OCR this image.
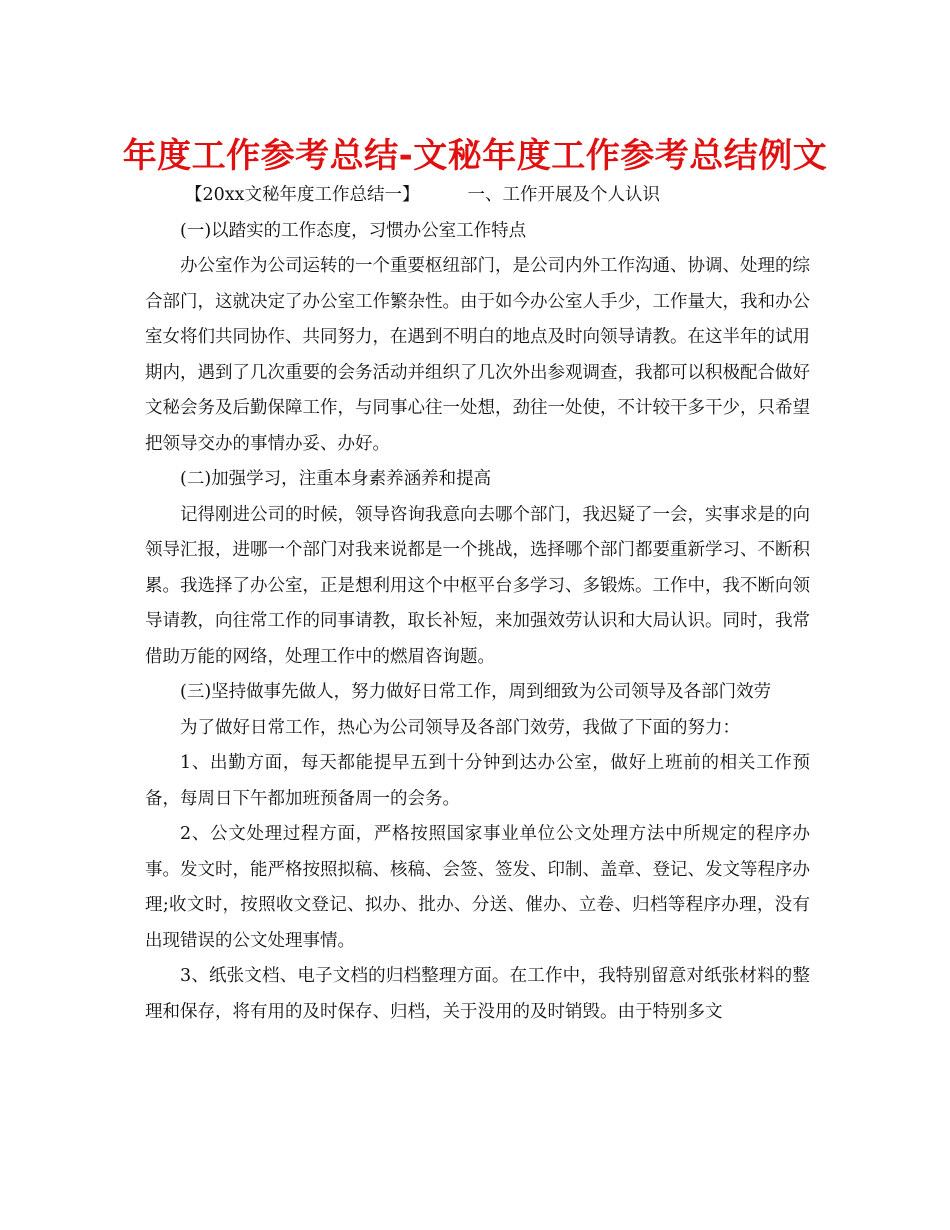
年度工作参考总结-文秘年度工作参考总结例文
【20xx文秘年度工作总结一】	一、工作开展及个人认识

(一)以踏实的工作态度，习惯办公室工作特点

办公室作为公司运转的一个重要枢纽部门，是公司内外工作沟通、协调、处理的综合部门，这就决定了办公室工作繁杂性。由于如今办公室人手少，工作量大，我和办公室女将们共同协作、共同努力，在遇到不明白的地点及时向领导请教。在这半年的试用期内，遇到了几次重要的会务活动并组织了几次外出参观调查，我都可以积极配合做好文秘会务及后勤保障工作，与同事心往一处想，劲往一处使，不计较干多干少，只希望把领导交办的事情办妥、办好。

(二)加强学习，注重本身素养涵养和提高

记得刚进公司的时候，领导咨询我意向去哪个部门，我迟疑了一会，实事求是的向领导汇报，进哪一个部门对我来说都是一个挑战，选择哪个部门都要重新学习、不断积累。我选择了办公室，正是想利用这个中枢平台多学习、多锻炼。工作中，我不断向领导请教，向往常工作的同事请教，取长补短，来加强效劳认识和大局认识。同时，我常借助万能的网络，处理工作中的燃眉咨询题。

(三)坚持做事先做人，努力做好日常工作，周到细致为公司领导及各部门效劳

为了做好日常工作，热心为公司领导及各部门效劳，我做了下面的努力：

1、出勤方面，每天都能提早五到十分钟到达办公室，做好上班前的相关工作预备，每周日下午都加班预备周一的会务。

2、公文处理过程方面，严格按照国家事业单位公文处理方法中所规定的程序办事。发文时，能严格按照拟稿、核稿、会签、签发、印制、盖章、登记、发文等程序办理;收文时，按照收文登记、拟办、批办、分送、催办、立卷、归档等程序办理，没有出现错误的公文处理事情。

3、纸张文档、电子文档的归档整理方面。在工作中，我特别留意对纸张材料的整理和保存，将有用的及时保存、归档，关于没用的及时销毁。由于特别多文
